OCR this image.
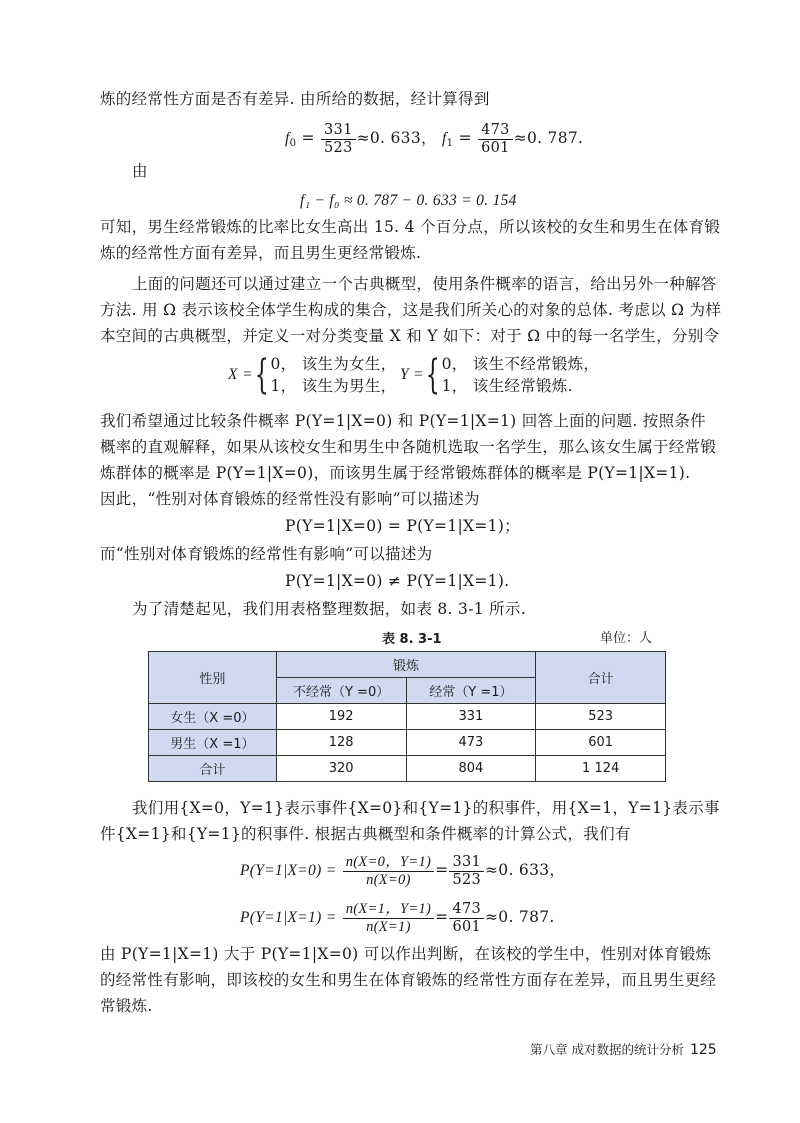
炼的经常性方面是否有差异. 由所给的数据，经计算得到
$f_0 = \frac{331}{523} \approx 0$. 633， $f_1 = \frac{473}{601} \approx 0$. 787.
由
f₁ − f₀ ≈ 0. 787 − 0. 633 = 0. 154
可知，男生经常锻炼的比率比女生高出 15. 4 个百分点，所以该校的女生和男生在体育锻
炼的经常性方面有差异，而且男生更经常锻炼.
上面的问题还可以通过建立一个古典概型，使用条件概率的语言，给出另外一种解答
方法. 用 Ω 表示该校全体学生构成的集合，这是我们所关心的对象的总体. 考虑以 Ω 为样
本空间的古典概型，并定义一对分类变量 X 和 Y 如下：对于 Ω 中的每一名学生，分别令
X ={ 0， 该生为女生，
1， 该生为男生，
Y ={ 0， 该生不经常锻炼，
1， 该生经常锻炼.
我们希望通过比较条件概率 P(Y=1|X=0) 和 P(Y=1|X=1) 回答上面的问题. 按照条件
概率的直观解释，如果从该校女生和男生中各随机选取一名学生，那么该女生属于经常锻
炼群体的概率是 P(Y=1|X=0)，而该男生属于经常锻炼群体的概率是 P(Y=1|X=1).
因此，“性别对体育锻炼的经常性没有影响”可以描述为
P(Y=1|X=0) = P(Y=1|X=1)；
而“性别对体育锻炼的经常性有影响”可以描述为
P(Y=1|X=0) ≠ P(Y=1|X=1).
为了清楚起见，我们用表格整理数据，如表 8. 3-1 所示.
表 8. 3-1	单位：人
性别	锻炼		合计
	不经常（Y =0）	经常（Y =1）	
女生（X =0）	192	331	523
男生（X =1）	128	473	601
合计	320	804	1 124
我们用{X=0，Y=1}表示事件{X=0}和{Y=1}的积事件，用{X=1，Y=1}表示事
件{X=1}和{Y=1}的积事件. 根据古典概型和条件概率的计算公式，我们有
$P(Y=1|X=0) = \frac{n(X=0,Y=1)}{n(X=0)} = \frac{331}{523} \approx 0$. 633，
$P(Y=1|X=1) = \frac{n(X=1,Y=1)}{n(X=1)} = \frac{473}{601} \approx 0$. 787.
由 P(Y=1|X=1) 大于 P(Y=1|X=0) 可以作出判断，在该校的学生中，性别对体育锻炼
的经常性有影响，即该校的女生和男生在体育锻炼的经常性方面存在差异，而且男生更经
常锻炼.
第八章 成对数据的统计分析 125
